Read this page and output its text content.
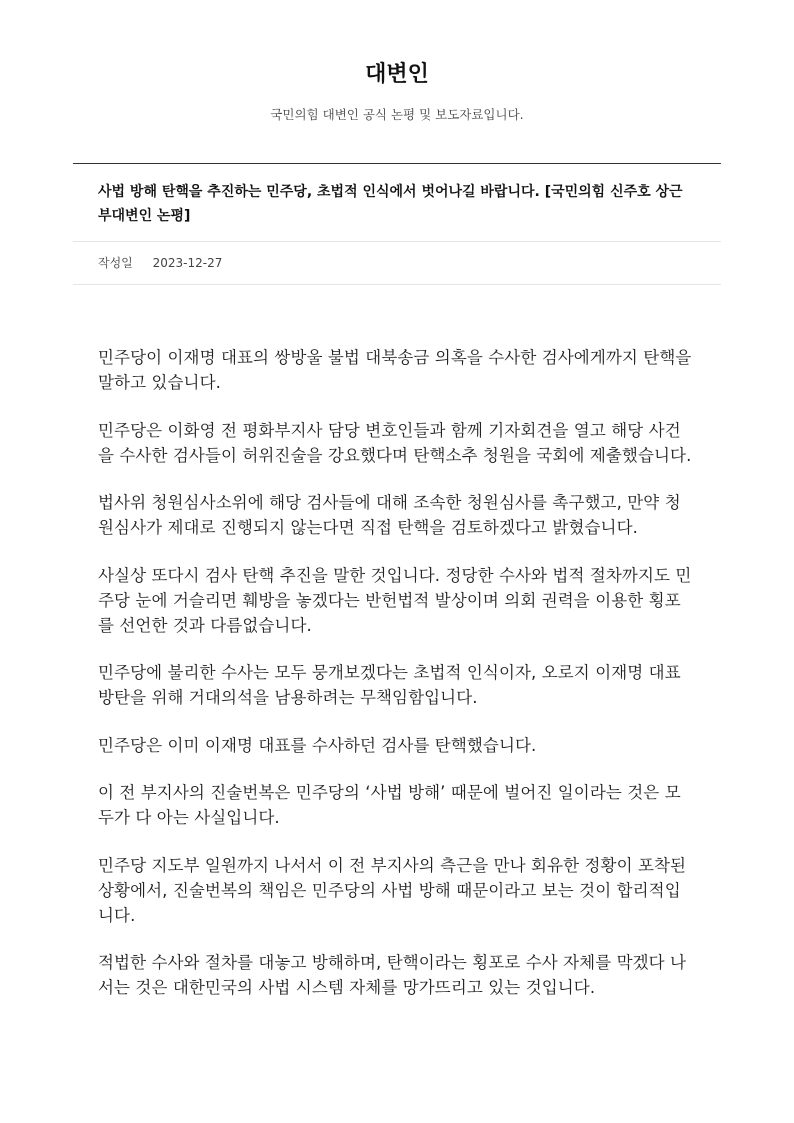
대변인
국민의힘 대변인 공식 논평 및 보도자료입니다.
사법 방해 탄핵을 추진하는 민주당, 초법적 인식에서 벗어나길 바랍니다. [국민의힘 신주호 상근부대변인 논평]
작성일 2023-12-27

민주당이 이재명 대표의 쌍방울 불법 대북송금 의혹을 수사한 검사에게까지 탄핵을 말하고 있습니다.

민주당은 이화영 전 평화부지사 담당 변호인들과 함께 기자회견을 열고 해당 사건을 수사한 검사들이 허위진술을 강요했다며 탄핵소추 청원을 국회에 제출했습니다.

법사위 청원심사소위에 해당 검사들에 대해 조속한 청원심사를 촉구했고, 만약 청원심사가 제대로 진행되지 않는다면 직접 탄핵을 검토하겠다고 밝혔습니다.

사실상 또다시 검사 탄핵 추진을 말한 것입니다. 정당한 수사와 법적 절차까지도 민주당 눈에 거슬리면 훼방을 놓겠다는 반헌법적 발상이며 의회 권력을 이용한 횡포를 선언한 것과 다름없습니다.

민주당에 불리한 수사는 모두 뭉개보겠다는 초법적 인식이자, 오로지 이재명 대표 방탄을 위해 거대의석을 남용하려는 무책임함입니다.

민주당은 이미 이재명 대표를 수사하던 검사를 탄핵했습니다.

이 전 부지사의 진술번복은 민주당의 ‘사법 방해’ 때문에 벌어진 일이라는 것은 모두가 다 아는 사실입니다.

민주당 지도부 일원까지 나서서 이 전 부지사의 측근을 만나 회유한 정황이 포착된 상황에서, 진술번복의 책임은 민주당의 사법 방해 때문이라고 보는 것이 합리적입니다.

적법한 수사와 절차를 대놓고 방해하며, 탄핵이라는 횡포로 수사 자체를 막겠다 나서는 것은 대한민국의 사법 시스템 자체를 망가뜨리고 있는 것입니다.
